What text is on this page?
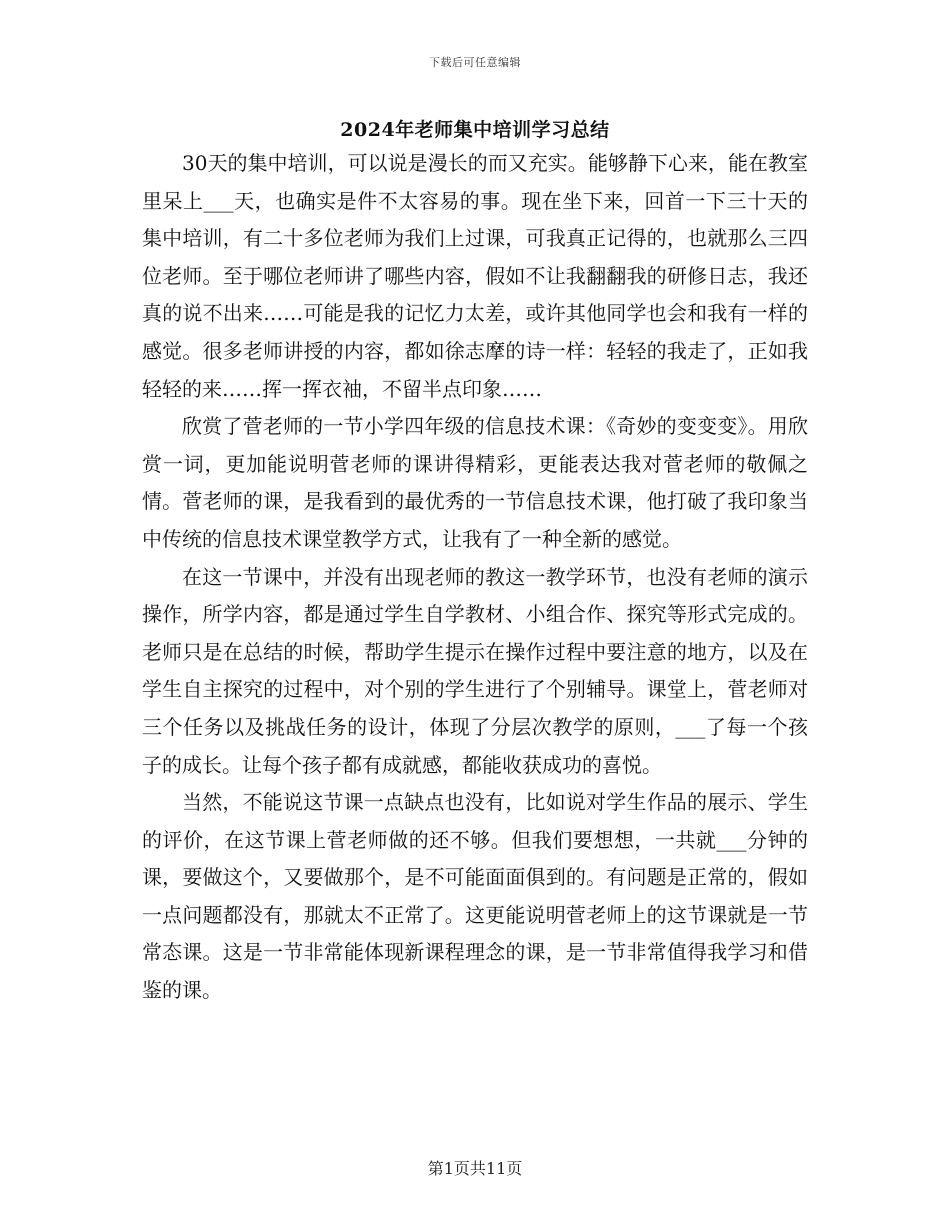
下载后可任意编辑
2024年老师集中培训学习总结

30天的集中培训，可以说是漫长的而又充实。能够静下心来，能在教室里呆上___天，也确实是件不太容易的事。现在坐下来，回首一下三十天的集中培训，有二十多位老师为我们上过课，可我真正记得的，也就那么三四位老师。至于哪位老师讲了哪些内容，假如不让我翻翻我的研修日志，我还真的说不出来……可能是我的记忆力太差，或许其他同学也会和我有一样的感觉。很多老师讲授的内容，都如徐志摩的诗一样：轻轻的我走了，正如我轻轻的来……挥一挥衣袖，不留半点印象……

欣赏了菅老师的一节小学四年级的信息技术课：《奇妙的变变变》。用欣赏一词，更加能说明菅老师的课讲得精彩，更能表达我对菅老师的敬佩之情。菅老师的课，是我看到的最优秀的一节信息技术课，他打破了我印象当中传统的信息技术课堂教学方式，让我有了一种全新的感觉。

在这一节课中，并没有出现老师的教这一教学环节，也没有老师的演示操作，所学内容，都是通过学生自学教材、小组合作、探究等形式完成的。老师只是在总结的时候，帮助学生提示在操作过程中要注意的地方，以及在学生自主探究的过程中，对个别的学生进行了个别辅导。课堂上，菅老师对三个任务以及挑战任务的设计，体现了分层次教学的原则，___了每一个孩子的成长。让每个孩子都有成就感，都能收获成功的喜悦。

当然，不能说这节课一点缺点也没有，比如说对学生作品的展示、学生的评价，在这节课上菅老师做的还不够。但我们要想想，一共就___分钟的课，要做这个，又要做那个，是不可能面面俱到的。有问题是正常的，假如一点问题都没有，那就太不正常了。这更能说明菅老师上的这节课就是一节常态课。这是一节非常能体现新课程理念的课，是一节非常值得我学习和借鉴的课。

第1页共11页
